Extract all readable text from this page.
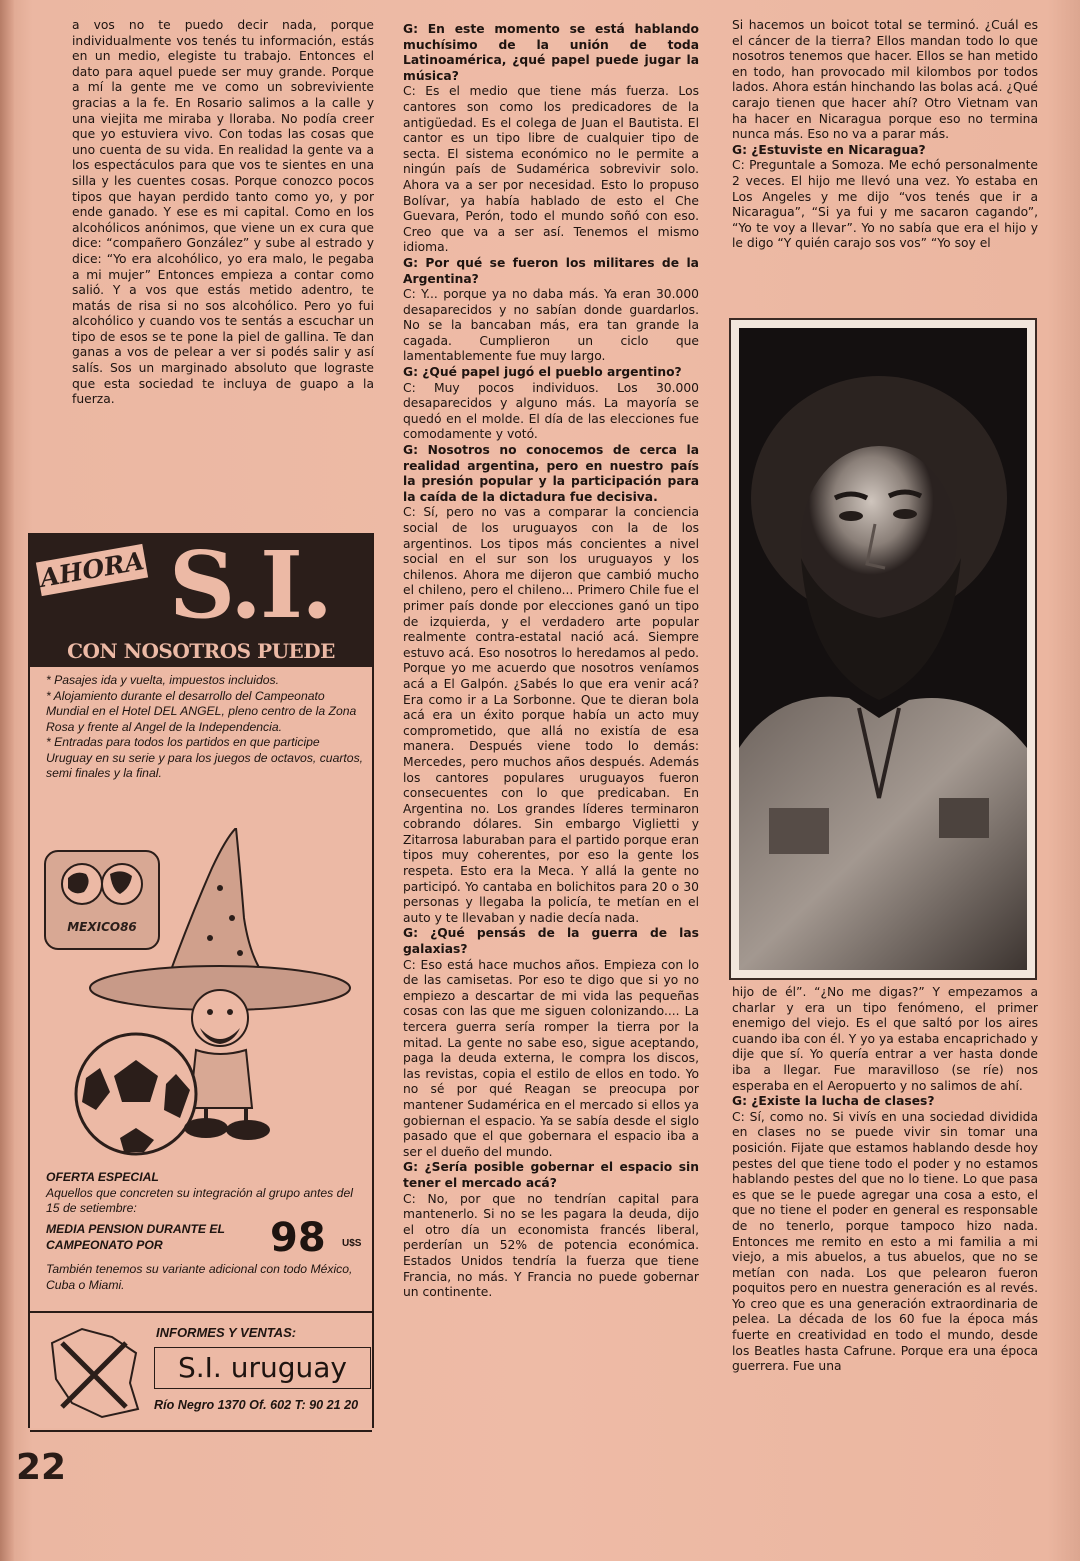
a vos no te puedo decir nada, porque individualmente vos tenés tu información, estás en un medio, elegiste tu trabajo. Entonces el dato para aquel puede ser muy grande. Porque a mí la gente me ve como un sobreviviente gracias a la fe. En Rosario salimos a la calle y una viejita me miraba y lloraba. No podía creer que yo estuviera vivo. Con todas las cosas que uno cuenta de su vida. En realidad la gente va a los espectáculos para que vos te sientes en una silla y les cuentes cosas. Porque conozco pocos tipos que hayan perdido tanto como yo, y por ende ganado. Y ese es mi capital. Como en los alcohólicos anónimos, que viene un ex cura que dice: “compañero González” y sube al estrado y dice: “Yo era alcohólico, yo era malo, le pegaba a mi mujer” Entonces empieza a contar como salió. Y a vos que estás metido adentro, te matás de risa si no sos alcohólico. Pero yo fui alcohólico y cuando vos te sentás a escuchar un tipo de esos se te pone la piel de gallina. Te dan ganas a vos de pelear a ver si podés salir y así salís. Sos un marginado absoluto que lograste que esta sociedad te incluya de guapo a la fuerza.

AHORA S.I.
CON NOSOTROS PUEDE

* Pasajes ida y vuelta, impuestos incluidos.

* Alojamiento durante el desarrollo del Campeonato Mundial en el Hotel DEL ANGEL, pleno centro de la Zona Rosa y frente al Angel de la Independencia.

* Entradas para todos los partidos en que participe Uruguay en su serie y para los juegos de octavos, cuartos, semi finales y la final.

MEXICO86

OFERTA ESPECIAL

Aquellos que concreten su integración al grupo antes del 15 de setiembre:

MEDIA PENSION DURANTE EL CAMPEONATO POR	98	U$S

También tenemos su variante adicional con todo México, Cuba o Miami.

INFORMES Y VENTAS:
S.I. uruguay
Río Negro 1370 Of. 602 T: 90 21 20

G: En este momento se está hablando muchísimo de la unión de toda Latinoamérica, ¿qué papel puede jugar la música?

C: Es el medio que tiene más fuerza. Los cantores son como los predicadores de la antigüedad. Es el colega de Juan el Bautista. El cantor es un tipo libre de cualquier tipo de secta. El sistema económico no le permite a ningún país de Sudamérica sobrevivir solo. Ahora va a ser por necesidad. Esto lo propuso Bolívar, ya había hablado de esto el Che Guevara, Perón, todo el mundo soñó con eso. Creo que va a ser así. Tenemos el mismo idioma.

G: Por qué se fueron los militares de la Argentina?

C: Y... porque ya no daba más. Ya eran 30.000 desaparecidos y no sabían donde guardarlos. No se la bancaban más, era tan grande la cagada. Cumplieron un ciclo que lamentablemente fue muy largo.

G: ¿Qué papel jugó el pueblo argentino?

C: Muy pocos individuos. Los 30.000 desaparecidos y alguno más. La mayoría se quedó en el molde. El día de las elecciones fue comodamente y votó.

G: Nosotros no conocemos de cerca la realidad argentina, pero en nuestro país la presión popular y la participación para la caída de la dictadura fue decisiva.

C: Sí, pero no vas a comparar la conciencia social de los uruguayos con la de los argentinos. Los tipos más concientes a nivel social en el sur son los uruguayos y los chilenos. Ahora me dijeron que cambió mucho el chileno, pero el chileno... Primero Chile fue el primer país donde por elecciones ganó un tipo de izquierda, y el verdadero arte popular realmente contra-estatal nació acá. Siempre estuvo acá. Eso nosotros lo heredamos al pedo. Porque yo me acuerdo que nosotros veníamos acá a El Galpón. ¿Sabés lo que era venir acá? Era como ir a La Sorbonne. Que te dieran bola acá era un éxito porque había un acto muy comprometido, que allá no existía de esa manera. Después viene todo lo demás: Mercedes, pero muchos años después. Además los cantores populares uruguayos fueron consecuentes con lo que predicaban. En Argentina no. Los grandes líderes terminaron cobrando dólares. Sin embargo Viglietti y Zitarrosa laburaban para el partido porque eran tipos muy coherentes, por eso la gente los respeta. Esto era la Meca. Y allá la gente no participó. Yo cantaba en bolichitos para 20 o 30 personas y llegaba la policía, te metían en el auto y te llevaban y nadie decía nada.

G: ¿Qué pensás de la guerra de las galaxias?

C: Eso está hace muchos años. Empieza con lo de las camisetas. Por eso te digo que si yo no empiezo a descartar de mi vida las pequeñas cosas con las que me siguen colonizando.... La tercera guerra sería romper la tierra por la mitad. La gente no sabe eso, sigue aceptando, paga la deuda externa, le compra los discos, las revistas, copia el estilo de ellos en todo. Yo no sé por qué Reagan se preocupa por mantener Sudamérica en el mercado si ellos ya gobiernan el espacio. Ya se sabía desde el siglo pasado que el que gobernara el espacio iba a ser el dueño del mundo.

G: ¿Sería posible gobernar el espacio sin tener el mercado acá?

C: No, por que no tendrían capital para mantenerlo. Si no se les pagara la deuda, dijo el otro día un economista francés liberal, perderían un 52% de potencia económica. Estados Unidos tendría la fuerza que tiene Francia, no más. Y Francia no puede gobernar un continente.

Si hacemos un boicot total se terminó. ¿Cuál es el cáncer de la tierra? Ellos mandan todo lo que nosotros tenemos que hacer. Ellos se han metido en todo, han provocado mil kilombos por todos lados. Ahora están hinchando las bolas acá. ¿Qué carajo tienen que hacer ahí? Otro Vietnam van ha hacer en Nicaragua porque eso no termina nunca más. Eso no va a parar más.

G: ¿Estuviste en Nicaragua?

C: Preguntale a Somoza. Me echó personalmente 2 veces. El hijo me llevó una vez. Yo estaba en Los Angeles y me dijo “vos tenés que ir a Nicaragua”, “Si ya fui y me sacaron cagando”, “Yo te voy a llevar”. Yo no sabía que era el hijo y le digo “Y quién carajo sos vos” “Yo soy el

hijo de él”. “¿No me digas?” Y empezamos a charlar y era un tipo fenómeno, el primer enemigo del viejo. Es el que saltó por los aires cuando iba con él. Y yo ya estaba encaprichado y dije que sí. Yo quería entrar a ver hasta donde iba a llegar. Fue maravilloso (se ríe) nos esperaba en el Aeropuerto y no salimos de ahí.

G: ¿Existe la lucha de clases?

C: Sí, como no. Si vivís en una sociedad dividida en clases no se puede vivir sin tomar una posición. Fijate que estamos hablando desde hoy pestes del que tiene todo el poder y no estamos hablando pestes del que no lo tiene. Lo que pasa es que se le puede agregar una cosa a esto, el que no tiene el poder en general es responsable de no tenerlo, porque tampoco hizo nada. Entonces me remito en esto a mi familia a mi viejo, a mis abuelos, a tus abuelos, que no se metían con nada. Los que pelearon fueron poquitos pero en nuestra generación es al revés. Yo creo que es una generación extraordinaria de pelea. La década de los 60 fue la época más fuerte en creatividad en todo el mundo, desde los Beatles hasta Cafrune. Porque era una época guerrera. Fue una

22
